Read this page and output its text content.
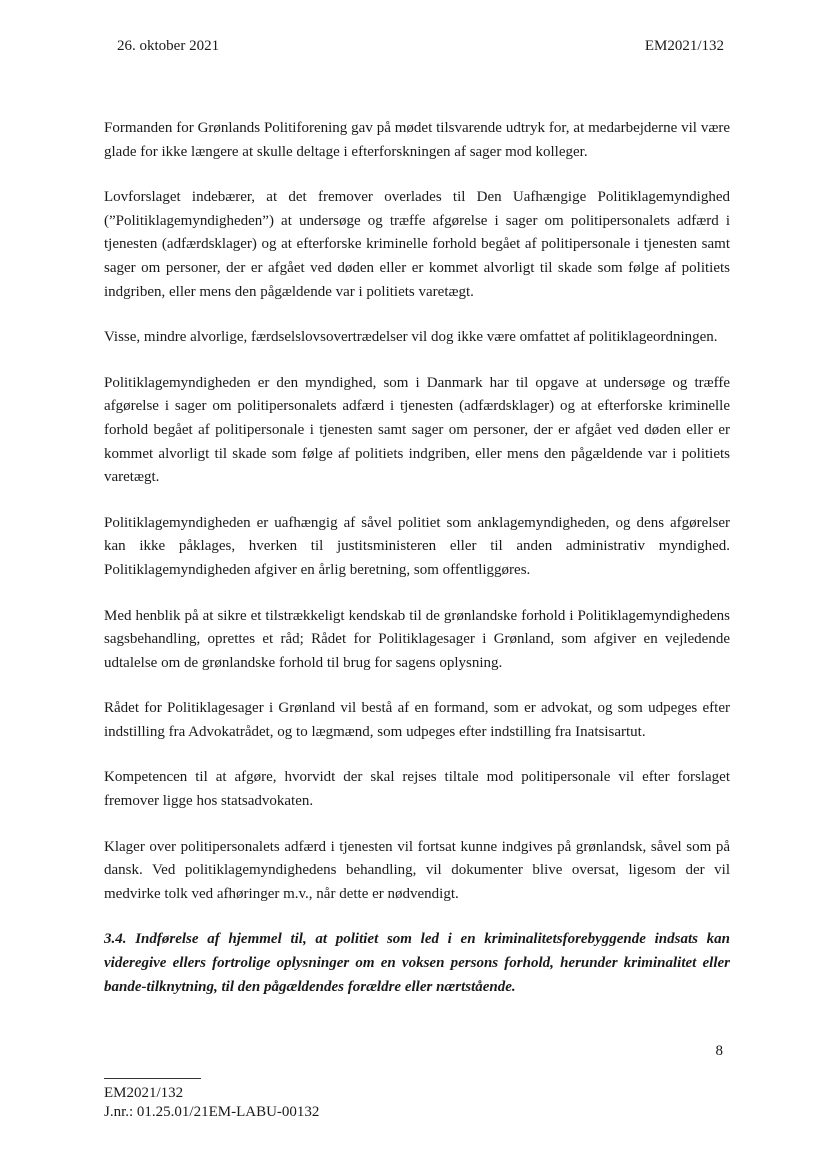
26. oktober 2021	EM2021/132

Formanden for Grønlands Politiforening gav på mødet tilsvarende udtryk for, at medarbejderne vil være glade for ikke længere at skulle deltage i efterforskningen af sager mod kolleger.

Lovforslaget indebærer, at det fremover overlades til Den Uafhængige Politiklagemyndighed (”Politiklagemyndigheden”) at undersøge og træffe afgørelse i sager om politipersonalets adfærd i tjenesten (adfærdsklager) og at efterforske kriminelle forhold begået af politipersonale i tjenesten samt sager om personer, der er afgået ved døden eller er kommet alvorligt til skade som følge af politiets indgriben, eller mens den pågældende var i politiets varetægt.

Visse, mindre alvorlige, færdselslovsovertrædelser vil dog ikke være omfattet af politiklageordningen.

Politiklagemyndigheden er den myndighed, som i Danmark har til opgave at undersøge og træffe afgørelse i sager om politipersonalets adfærd i tjenesten (adfærdsklager) og at efterforske kriminelle forhold begået af politipersonale i tjenesten samt sager om personer, der er afgået ved døden eller er kommet alvorligt til skade som følge af politiets indgriben, eller mens den pågældende var i politiets varetægt.

Politiklagemyndigheden er uafhængig af såvel politiet som anklagemyndigheden, og dens afgørelser kan ikke påklages, hverken til justitsministeren eller til anden administrativ myndighed. Politiklagemyndigheden afgiver en årlig beretning, som offentliggøres.

Med henblik på at sikre et tilstrækkeligt kendskab til de grønlandske forhold i Politiklagemyndighedens sagsbehandling, oprettes et råd; Rådet for Politiklagesager i Grønland, som afgiver en vejledende udtalelse om de grønlandske forhold til brug for sagens oplysning.

Rådet for Politiklagesager i Grønland vil bestå af en formand, som er advokat, og som udpeges efter indstilling fra Advokatrådet, og to lægmænd, som udpeges efter indstilling fra Inatsisartut.

Kompetencen til at afgøre, hvorvidt der skal rejses tiltale mod politipersonale vil efter forslaget fremover ligge hos statsadvokaten.

Klager over politipersonalets adfærd i tjenesten vil fortsat kunne indgives på grønlandsk, såvel som på dansk. Ved politiklagemyndighedens behandling, vil dokumenter blive oversat, ligesom der vil medvirke tolk ved afhøringer m.v., når dette er nødvendigt.

3.4. Indførelse af hjemmel til, at politiet som led i en kriminalitetsforebyggende indsats kan videregive ellers fortrolige oplysninger om en voksen persons forhold, herunder kriminalitet eller bande-tilknytning, til den pågældendes forældre eller nærtstående.

8
EM2021/132
J.nr.: 01.25.01/21EM-LABU-00132
